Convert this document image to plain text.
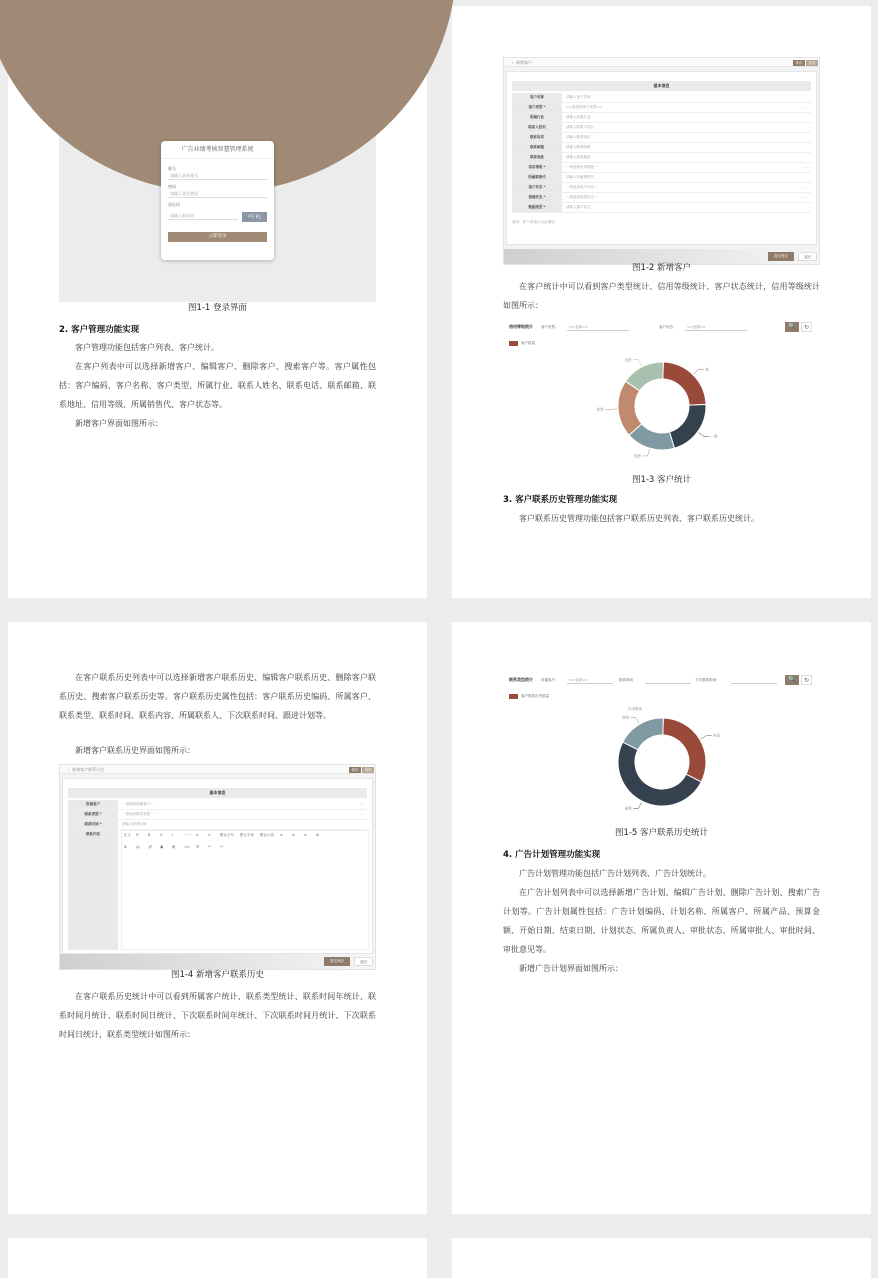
广告业绩考核智慧管理系统
账号
请输入登录账号
密码
请输入登录密码
验证码
请输入验证码	P F 8 J
立即登录
图1-1 登录界面
2. 客户管理功能实现
客户管理功能包括客户列表、客户统计。
在客户列表中可以选择新增客户、编辑客户、删除客户、搜索客户等。客户属性包括：客户编码、客户名称、客户类型、所属行业、联系人姓名、联系电话、联系邮箱、联系地址、信用等级、所属销售代、客户状态等。
新增客户界面如图所示：
‹  新增客户	保存	返回
基本信息
客户名称	请输入客户名称
客户类型 *	==请选择客户类型==	⌄
所属行业	请输入所属行业
联系人姓名	请输入联系人姓名
联系电话	请输入联系电话
联系邮箱	请输入联系邮箱
联系地址	请输入联系地址
信用等级 *	一请选择信用等级一	⌄
所属销售代	请输入所属销售代
客户状态 *	一请选择客户状态一	⌄
创建状态 *	一请选择创建状态一	⌄
数据类型 *	请输入客户状态
说明：带 * 的项目为必填项。
提交保存	返回
图1-2 新增客户
在客户统计中可以看到客户类型统计、信用等级统计、客户状态统计，信用等级统计如图所示：
信用等级统计 客户类型：	==全部==	客户状态：	==全部==	🔍	↻
客户数量
良
一般
较差
优秀
良好
图1-3 客户统计
3. 客户联系历史管理功能实现
客户联系历史管理功能包括客户联系历史列表、客户联系历史统计。
在客户联系历史列表中可以选择新增客户联系历史、编辑客户联系历史、删除客户联系历史、搜索客户联系历史等。客户联系历史属性包括：客户联系历史编码、所属客户、联系类型、联系时间、联系内容、所属联系人、下次联系时间、跟进计划等。
新增客户联系历史界面如图所示：
‹  新增客户联系历史	保存	返回
基本信息
所属客户	一请选择所属客户一	⌄
联系类型 *	一请选择联系类型一	⌄
联系时间 *	请输入联系时间
联系内容	正文 H	B	U	I	一一 A	⊙	默认字号 默认字体 默认行高 ≡	≡	≡	⊞
⊞	☺ 🔗 ▣ ▤ <> ☰	↶	↷
提交保存	返回
图1-4 新增客户联系历史
在客户联系历史统计中可以看到所属客户统计、联系类型统计、联系时间年统计、联系时间月统计、联系时间日统计、下次联系时间年统计、下次联系时间月统计、下次联系时间日统计，联系类型统计如图所示：
联系类型统计 所属客户：	==全部==	联系时间：	下次联系时间：	🔍	↻
客户联系历史数量
电话
邮件
面谈
社交媒体
图1-5 客户联系历史统计
4. 广告计划管理功能实现
广告计划管理功能包括广告计划列表、广告计划统计。
在广告计划列表中可以选择新增广告计划、编辑广告计划、删除广告计划、搜索广告计划等。广告计划属性包括：广告计划编码、计划名称、所属客户、所属产品、预算金额、开始日期、结束日期、计划状态、所属负责人、审批状态、所属审批人、审批时间、审批意见等。
新增广告计划界面如图所示：
